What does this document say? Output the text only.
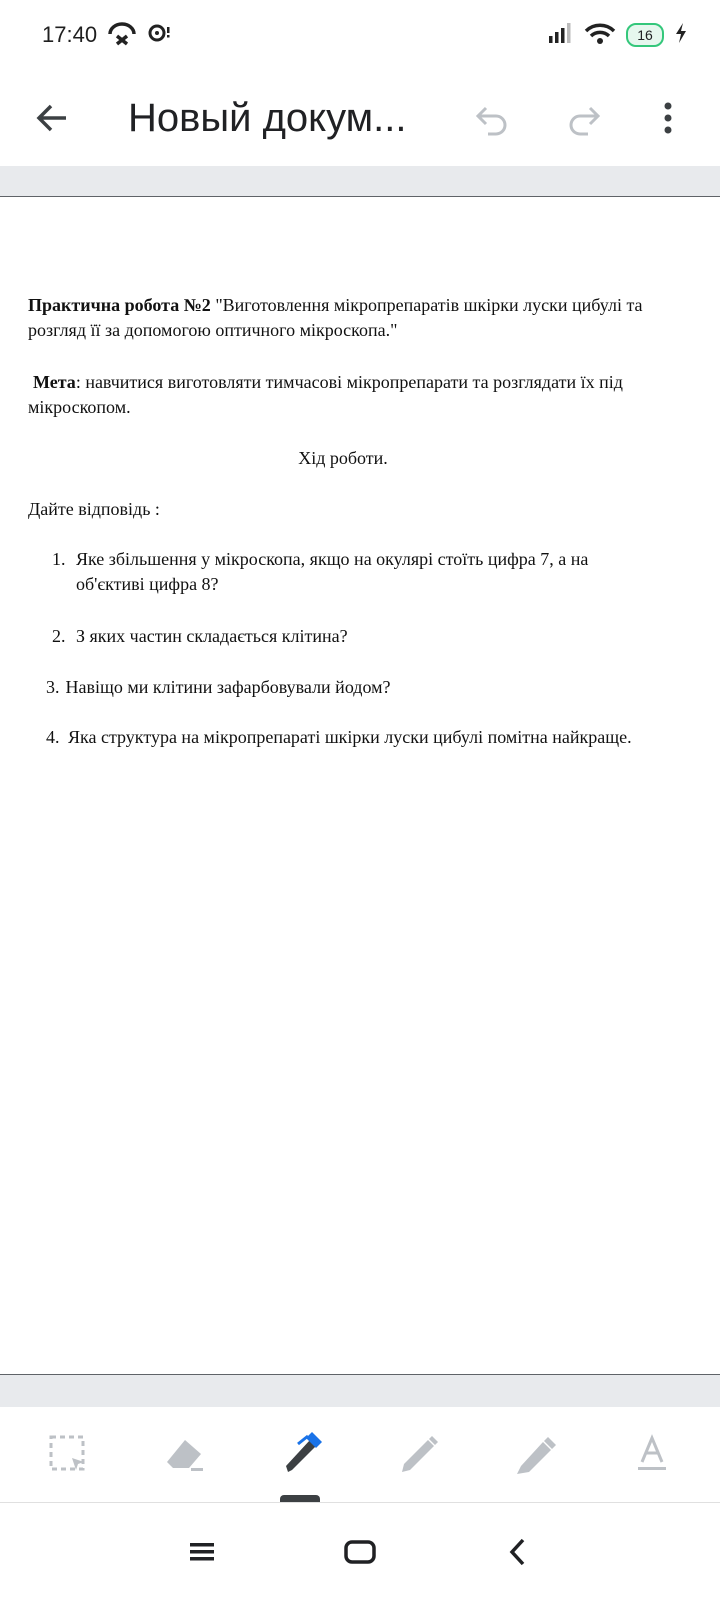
17:40	16
Новый докум...

Практична робота №2 "Виготовлення мікропрепаратів шкірки луски цибулі та розгляд її за допомогою оптичного мікроскопа."

Мета: навчитися виготовляти тимчасові мікропрепарати та розглядати їх під мікроскопом.

Хід роботи.

Дайте відповідь :

1. Яке збільшення у мікроскопа, якщо на окулярі стоїть цифра 7, а на об'єктиві цифра 8?

2. З яких частин складається клітина?

3. Навіщо ми клітини зафарбовували йодом?

4. Яка структура на мікропрепараті шкірки луски цибулі помітна найкраще.
